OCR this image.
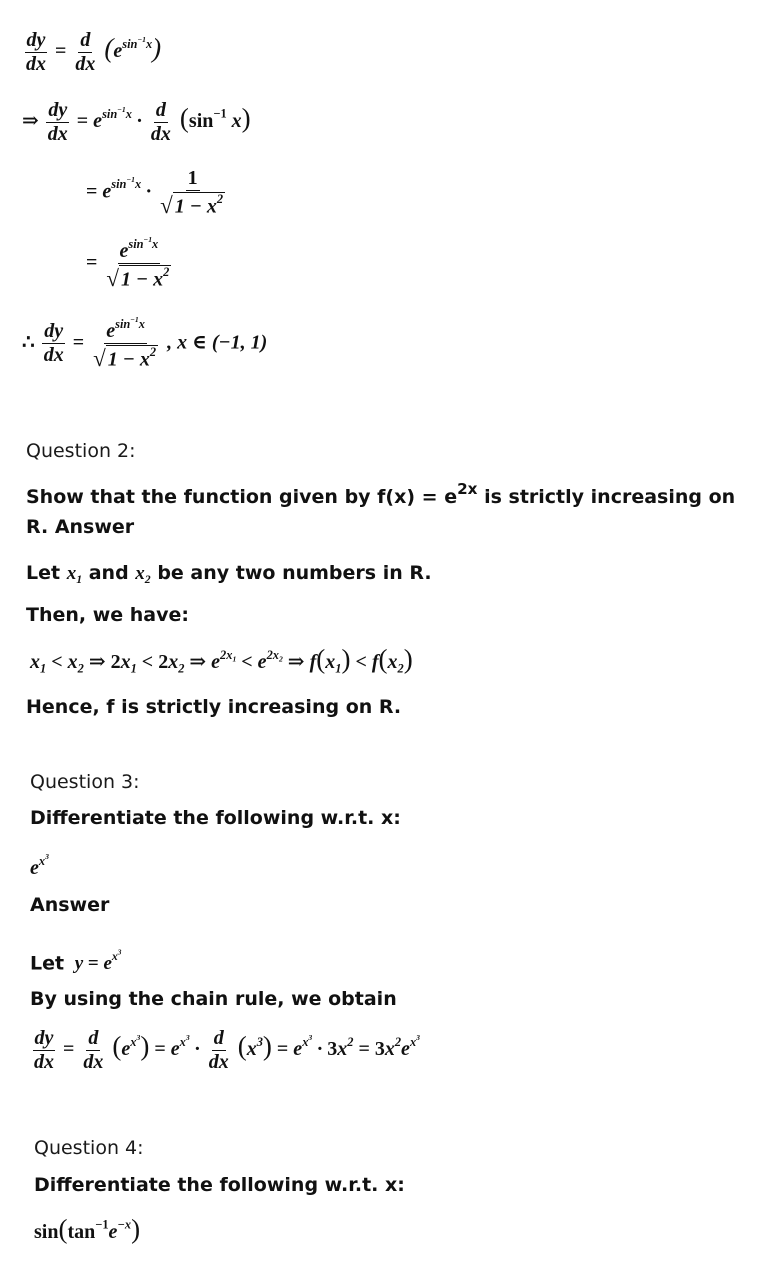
$\frac{dy}{dx} = \frac{d}{dx} (e^{sin^{-1}x})$
⇒ $\frac{dy}{dx} = e^{sin^{-1}x} \cdot \frac{d}{dx} (\sin^{-1}$ x)
= $e^{sin^{-1}x} \cdot \frac{1}{√ 1 - x^2}$
= $\frac{e^{sin^{-1}x}}{√ 1 - x^2}$
∴ $\frac{dy}{dx} = \frac{e^{sin^{-1}x}}{√ 1 - x^2}$ , x ∈ (−1, 1)
Question 2:
Show that the function given by $f(x) = e^{2x}$ is strictly increasing on
R. Answer
Let $x_1$ and $x_2$ be any two numbers in R.
Then, we have:
$x_1 < x_2$ ⇒ $2x_1 < 2x_2$ ⇒ $e^{2x_1} < e^{2x_2}$ ⇒ $f(x_1) < f(x_2)$
Hence, f is strictly increasing on R.
Question 3:
Differentiate the following w.r.t. x:
$e^{x^3}$
Answer
Let $y = e^{x^3}$
By using the chain rule, we obtain
$\frac{dy}{dx} = \frac{d}{dx} (e^{x^3}) = e^{x^3} \cdot \frac{d}{dx} (x^3) = e^{x^3} \cdot 3x^2 = 3x^2e^{x^3}$
Question 4:
Differentiate the following w.r.t. x:
$\sin(\tan^{-1}e^{-x})$
